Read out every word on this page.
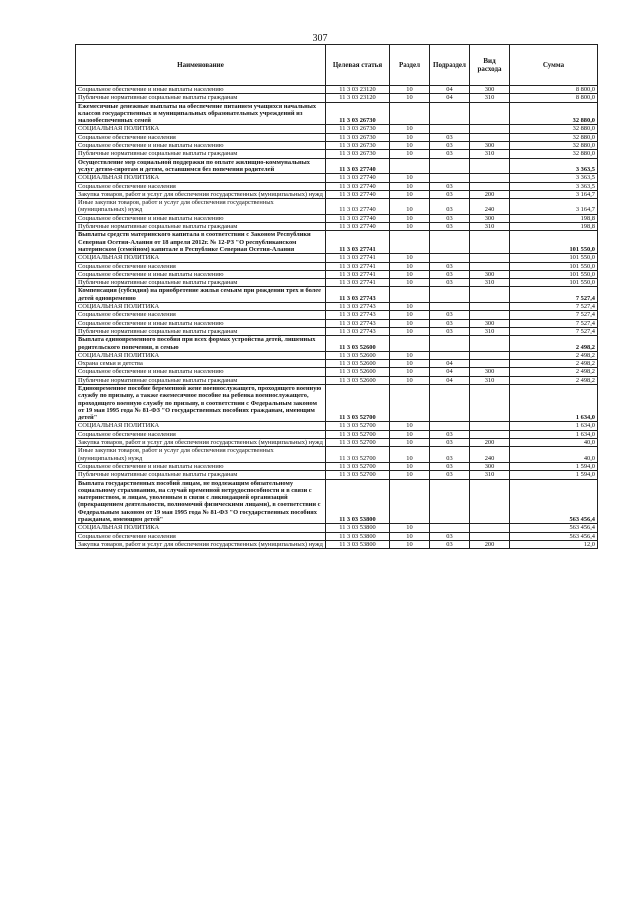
307
Наименование	Целевая статья	Раздел	Подраздел	Вид расхода	Сумма
Социальное обеспечение и иные выплаты населению	11 3 03 23120	10	04	300	8 800,0
Публичные нормативные социальные выплаты гражданам	11 3 03 23120	10	04	310	8 800,0
Ежемесячные денежные выплаты на обеспечение питанием учащихся начальных классов государственных и муниципальных образовательных учреждений из малообеспеченных семей	11 3 03 26730				32 880,0
СОЦИАЛЬНАЯ ПОЛИТИКА	11 3 03 26730	10			32 880,0
Социальное обеспечение населения	11 3 03 26730	10	03		32 880,0
Социальное обеспечение и иные выплаты населению	11 3 03 26730	10	03	300	32 880,0
Публичные нормативные социальные выплаты гражданам	11 3 03 26730	10	03	310	32 880,0
Осуществление мер социальной поддержки по оплате жилищно-коммунальных услуг детям-сиротам и детям, оставшимся без попечения родителей	11 3 03 27740				3 363,5
СОЦИАЛЬНАЯ ПОЛИТИКА	11 3 03 27740	10			3 363,5
Социальное обеспечение населения	11 3 03 27740	10	03		3 363,5
Закупка товаров, работ и услуг для обеспечения государственных (муниципальных) нужд	11 3 03 27740	10	03	200	3 164,7
Иные закупки товаров, работ и услуг для обеспечения государственных (муниципальных) нужд	11 3 03 27740	10	03	240	3 164,7
Социальное обеспечение и иные выплаты населению	11 3 03 27740	10	03	300	198,8
Публичные нормативные социальные выплаты гражданам	11 3 03 27740	10	03	310	198,8
Выплаты средств материнского капитала в соответствии с Законом Республики Северная Осетия-Алания от 18 апреля 2012г. № 12-РЗ "О республиканском материнском (семейном) капитале в Республике Северная Осетия-Алания	11 3 03 27741				101 550,0
СОЦИАЛЬНАЯ ПОЛИТИКА	11 3 03 27741	10			101 550,0
Социальное обеспечение населения	11 3 03 27741	10	03		101 550,0
Социальное обеспечение и иные выплаты населению	11 3 03 27741	10	03	300	101 550,0
Публичные нормативные социальные выплаты гражданам	11 3 03 27741	10	03	310	101 550,0
Компенсация (субсидия) на приобретение жилья семьям при рождении трех и более детей одновременно	11 3 03 27743				7 527,4
СОЦИАЛЬНАЯ ПОЛИТИКА	11 3 03 27743	10			7 527,4
Социальное обеспечение населения	11 3 03 27743	10	03		7 527,4
Социальное обеспечение и иные выплаты населению	11 3 03 27743	10	03	300	7 527,4
Публичные нормативные социальные выплаты гражданам	11 3 03 27743	10	03	310	7 527,4
Выплата единовременного пособия при всех формах устройства детей, лишенных родительского попечения, в семью	11 3 03 52600				2 498,2
СОЦИАЛЬНАЯ ПОЛИТИКА	11 3 03 52600	10			2 498,2
Охрана семьи и детства	11 3 03 52600	10	04		2 498,2
Социальное обеспечение и иные выплаты населению	11 3 03 52600	10	04	300	2 498,2
Публичные нормативные социальные выплаты гражданам	11 3 03 52600	10	04	310	2 498,2
Единовременное пособие беременной жене военнослужащего, проходящего военную службу по призыву, а также ежемесячное пособие на ребенка военнослужащего, проходящего военную службу по призыву, в соответствии с Федеральным законом от 19 мая 1995 года № 81-ФЗ "О государственных пособиях гражданам, имеющим детей"	11 3 03 52700				1 634,0
СОЦИАЛЬНАЯ ПОЛИТИКА	11 3 03 52700	10			1 634,0
Социальное обеспечение населения	11 3 03 52700	10	03		1 634,0
Закупка товаров, работ и услуг для обеспечения государственных (муниципальных) нужд	11 3 03 52700	10	03	200	40,0
Иные закупки товаров, работ и услуг для обеспечения государственных (муниципальных) нужд	11 3 03 52700	10	03	240	40,0
Социальное обеспечение и иные выплаты населению	11 3 03 52700	10	03	300	1 594,0
Публичные нормативные социальные выплаты гражданам	11 3 03 52700	10	03	310	1 594,0
Выплата государственных пособий лицам, не подлежащим обязательному социальному страхованию, на случай временной нетрудоспособности и в связи с материнством, и лицам, уволенным в связи с ликвидацией организаций (прекращением деятельности, полномочий физическими лицами), в соответствии с Федеральным законом от 19 мая 1995 года № 81-ФЗ "О государственных пособиях гражданам, имеющим детей"	11 3 03 53800				563 456,4
СОЦИАЛЬНАЯ ПОЛИТИКА	11 3 03 53800	10			563 456,4
Социальное обеспечение населения	11 3 03 53800	10	03		563 456,4
Закупка товаров, работ и услуг для обеспечения государственных (муниципальных) нужд	11 3 03 53800	10	03	200	12,0
